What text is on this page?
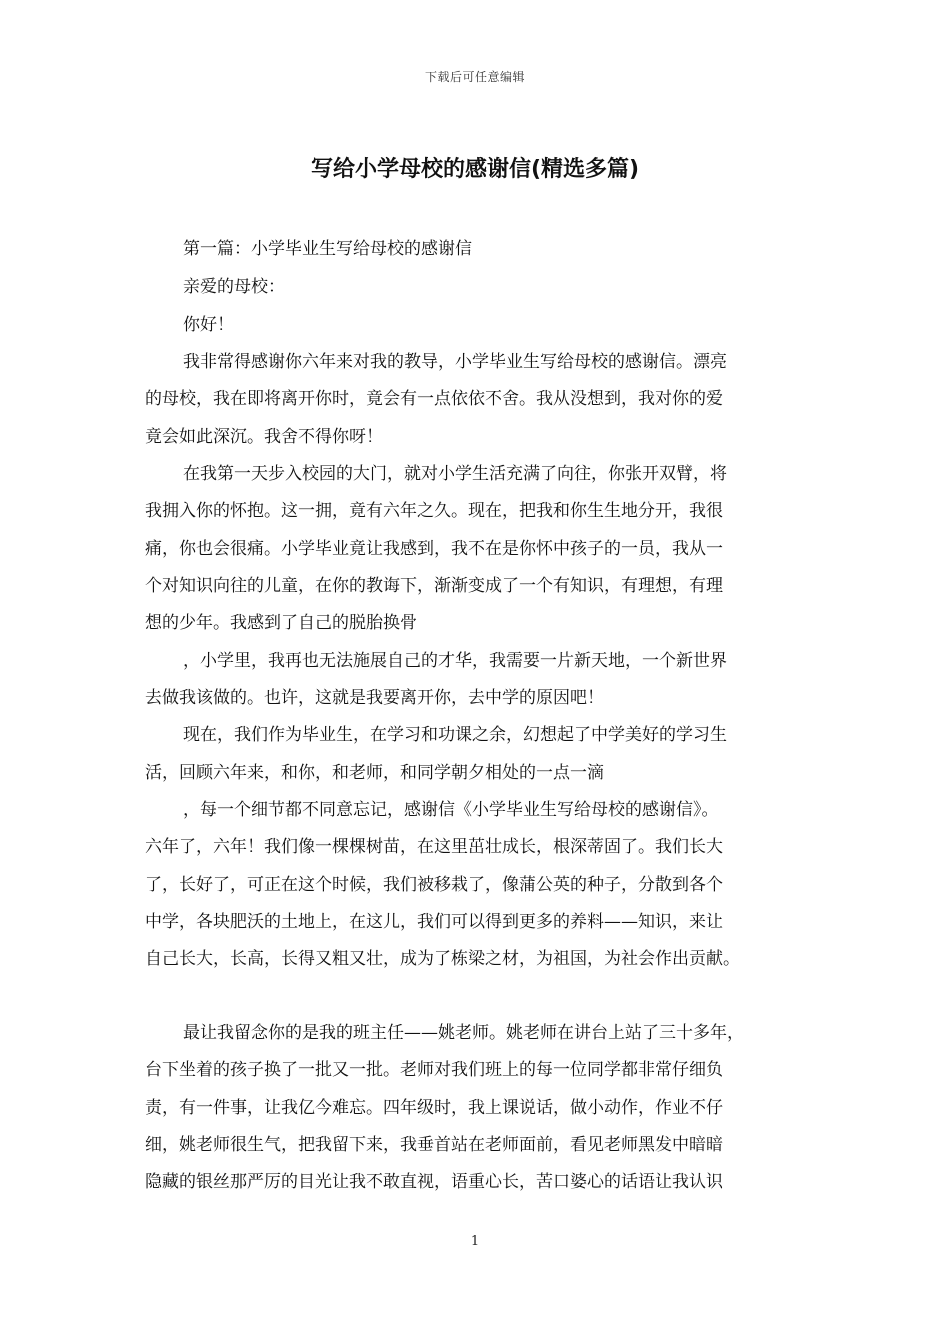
下载后可任意编辑
写给小学母校的感谢信(精选多篇)
第一篇：小学毕业生写给母校的感谢信
亲爱的母校：
你好！
我非常得感谢你六年来对我的教导，小学毕业生写给母校的感谢信。漂亮
的母校，我在即将离开你时，竟会有一点依依不舍。我从没想到，我对你的爱
竟会如此深沉。我舍不得你呀！
在我第一天步入校园的大门，就对小学生活充满了向往，你张开双臂，将
我拥入你的怀抱。这一拥，竟有六年之久。现在，把我和你生生地分开，我很
痛，你也会很痛。小学毕业竟让我感到，我不在是你怀中孩子的一员，我从一
个对知识向往的儿童，在你的教诲下，渐渐变成了一个有知识，有理想，有理
想的少年。我感到了自己的脱胎换骨
，小学里，我再也无法施展自己的才华，我需要一片新天地，一个新世界
去做我该做的。也许，这就是我要离开你，去中学的原因吧！
现在，我们作为毕业生，在学习和功课之余，幻想起了中学美好的学习生
活，回顾六年来，和你，和老师，和同学朝夕相处的一点一滴
，每一个细节都不同意忘记，感谢信《小学毕业生写给母校的感谢信》。
六年了，六年！我们像一棵棵树苗，在这里茁壮成长，根深蒂固了。我们长大
了，长好了，可正在这个时候，我们被移栽了，像蒲公英的种子，分散到各个
中学，各块肥沃的土地上，在这儿，我们可以得到更多的养料——知识，来让
自己长大，长高，长得又粗又壮，成为了栋梁之材，为祖国，为社会作出贡献。
最让我留念你的是我的班主任——姚老师。姚老师在讲台上站了三十多年，
台下坐着的孩子换了一批又一批。老师对我们班上的每一位同学都非常仔细负
责，有一件事，让我亿今难忘。四年级时，我上课说话，做小动作，作业不仔
细，姚老师很生气，把我留下来，我垂首站在老师面前，看见老师黑发中暗暗
隐藏的银丝那严厉的目光让我不敢直视，语重心长，苦口婆心的话语让我认识
1
